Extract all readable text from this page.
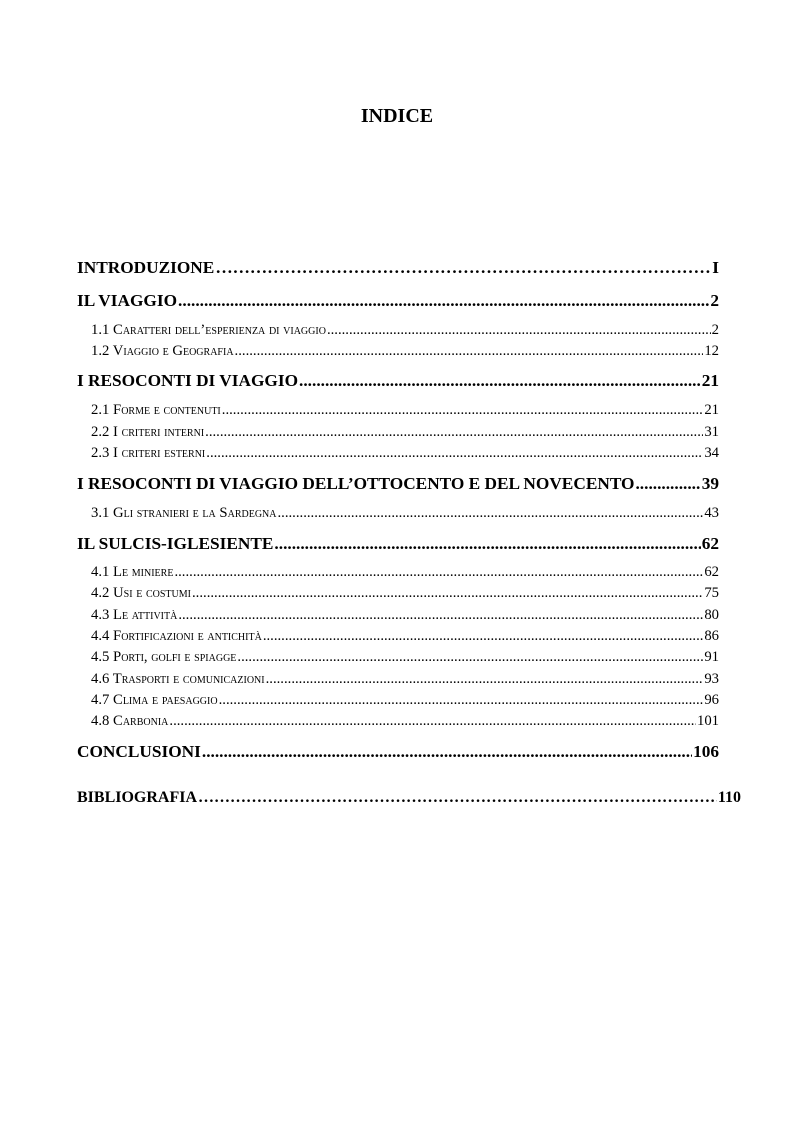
INDICE
INTRODUZIONE …………………………………………………………………………………………………………………………………………………………………………………………………………………………	I
IL VIAGGIO .....	2
1.1 Caratteri dell’esperienza di viaggio .....	2
1.2 Viaggio e Geografia .....	12
I RESOCONTI DI VIAGGIO .....	21
2.1 Forme e contenuti .....	21
2.2 I criteri interni .....	31
2.3 I criteri esterni .....	34
I RESOCONTI DI VIAGGIO DELL’OTTOCENTO E DEL NOVECENTO .....	39
3.1 Gli stranieri e la Sardegna .....	43
IL SULCIS-IGLESIENTE .....	62
4.1 Le miniere .....	62
4.2 Usi e costumi .....	75
4.3 Le attività .....	80
4.4 Fortificazioni e antichità .....	86
4.5 Porti, golfi e spiagge .....	91
4.6 Trasporti e comunicazioni .....	93
4.7 Clima e paesaggio .....	96
4.8 Carbonia .....	101
CONCLUSIONI .....	106
BIBLIOGRAFIA …………………………………………………………………………………………………………………………………………………………………………………………………………………………	110
